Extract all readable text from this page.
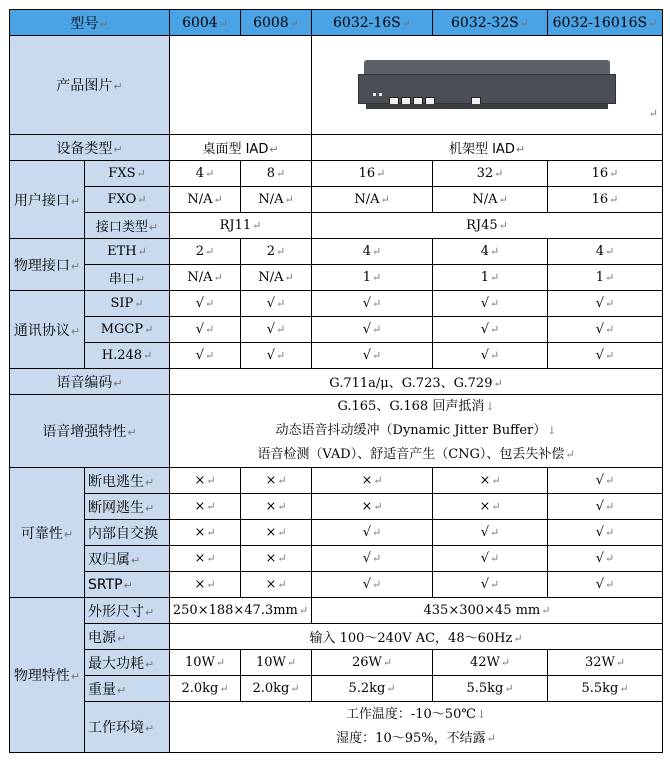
型号↵		6004↵	6008↵	6032-16S↵	6032-32S↵	6032-16016S↵
产品图片↵				↵		

设备类型↵		桌面型 IAD↵		机架型 IAD↵		
用户接口↵	FXS↵	4↵	8↵	16↵	32↵	16↵
	FXO↵	N/A↵	N/A↵	N/A↵	N/A↵	16↵
	接口类型↵	RJ11↵		RJ45↵		
物理接口↵	ETH↵	2↵	2↵	4↵	4↵	4↵
	串口↵	N/A↵	N/A↵	1↵	1↵	1↵
通讯协议↵	SIP↵	√↵	√↵	√↵	√↵	√↵
	MGCP↵	√↵	√↵	√↵	√↵	√↵
	H.248↵	√↵	√↵	√↵	√↵	√↵
语音编码↵		G.711a/μ、G.723、G.729↵				
语音增强特性↵		G.165、G.168 回声抵消↓
动态语音抖动缓冲（Dynamic Jitter Buffer）↓
语音检测（VAD）、舒适音产生（CNG）、包丢失补偿↵				

可靠性↵	断电逃生↵	×↵	×↵	×↵	×↵	√↵
	断网逃生↵	×↵	×↵	×↵	×↵	√↵
	内部自交换	×↵	×↵	√↵	√↵	√↵
	双归属↵	×↵	×↵	√↵	√↵	√↵
	SRTP↵	×↵	×↵	√↵	√↵	√↵
物理特性↵	外形尺寸↵	250×188×47.3mm↵		435×300×45 mm↵		
	电源↵	输入 100～240V AC，48～60Hz↵				
	最大功耗↵	10W↵	10W↵	26W↵	42W↵	32W↵
	重量↵	2.0kg↵	2.0kg↵	5.2kg↵	5.5kg↵	5.5kg↵
	工作环境↵	工作温度：-10～50℃↓
湿度：10～95%，不结露↵				
